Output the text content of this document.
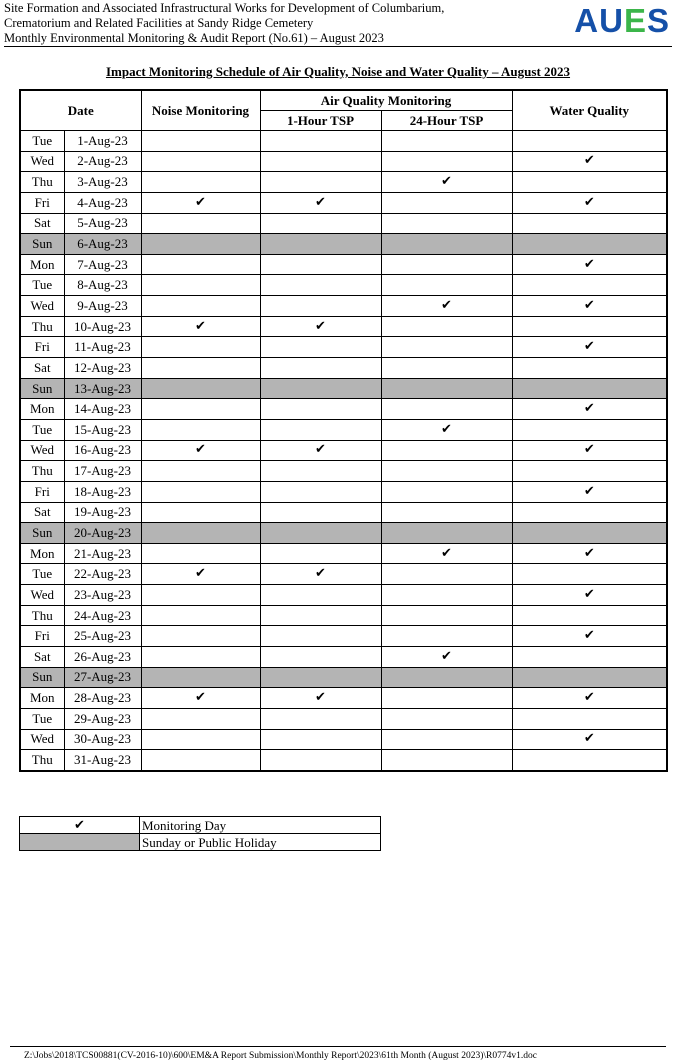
Site Formation and Associated Infrastructural Works for Development of Columbarium,
Crematorium and Related Facilities at Sandy Ridge Cemetery
Monthly Environmental Monitoring & Audit Report (No.61) – August 2023	AUES
Impact Monitoring Schedule of Air Quality, Noise and Water Quality – August 2023
Date		Noise Monitoring	Air Quality Monitoring		Water Quality
			1-Hour TSP	24-Hour TSP	
Tue	1-Aug-23				
Wed	2-Aug-23				✔
Thu	3-Aug-23			✔	
Fri	4-Aug-23	✔	✔		✔
Sat	5-Aug-23				
Sun	6-Aug-23				
Mon	7-Aug-23				✔
Tue	8-Aug-23				
Wed	9-Aug-23			✔	✔
Thu	10-Aug-23	✔	✔		
Fri	11-Aug-23				✔
Sat	12-Aug-23				
Sun	13-Aug-23				
Mon	14-Aug-23				✔
Tue	15-Aug-23			✔	
Wed	16-Aug-23	✔	✔		✔
Thu	17-Aug-23				
Fri	18-Aug-23				✔
Sat	19-Aug-23				
Sun	20-Aug-23				
Mon	21-Aug-23			✔	✔
Tue	22-Aug-23	✔	✔		
Wed	23-Aug-23				✔
Thu	24-Aug-23				
Fri	25-Aug-23				✔
Sat	26-Aug-23			✔	
Sun	27-Aug-23				
Mon	28-Aug-23	✔	✔		✔
Tue	29-Aug-23				
Wed	30-Aug-23				✔
Thu	31-Aug-23				
✔	Monitoring Day
	Sunday or Public Holiday
Z:\Jobs\2018\TCS00881(CV-2016-10)\600\EM&A Report Submission\Monthly Report\2023\61th Month (August 2023)\R0774v1.doc
